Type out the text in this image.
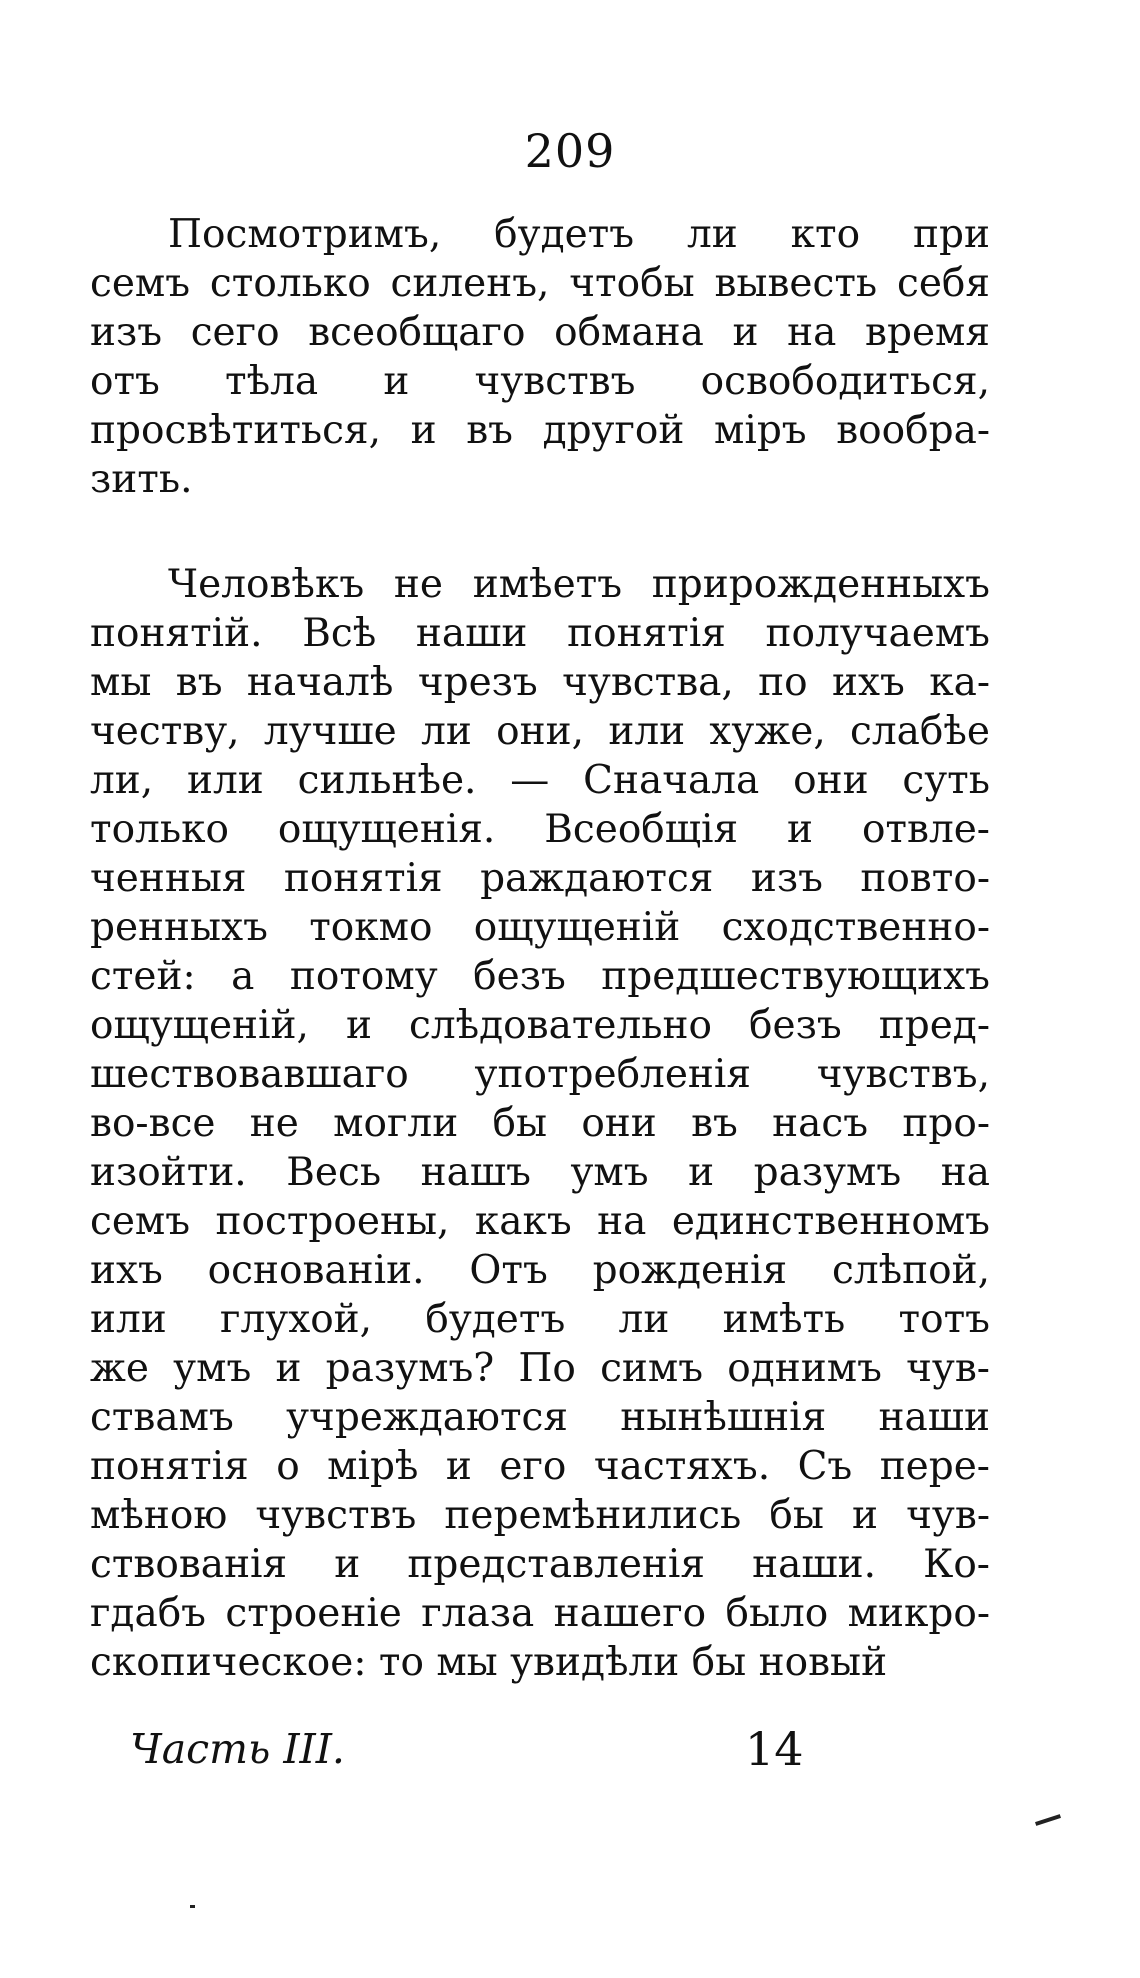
209
  Посмотримъ, будетъ ли кто при
семъ столько силенъ, чтобы вывесть себя
изъ сего всеобщаго обмана и на время
отъ тѣла и чувствъ освободиться,
просвѣтиться, и въ другой міръ вообра-
зить.
  Человѣкъ не имѣетъ прирожденныхъ
понятій. Всѣ наши понятія получаемъ
мы въ началѣ чрезъ чувства, по ихъ ка-
честву, лучше ли они, или хуже, слабѣе
ли, или сильнѣе. — Сначала они суть
только ощущенія. Всеобщія и отвле-
ченныя понятія раждаются изъ повто-
ренныхъ токмо ощущеній сходственно-
стей: а потому безъ предшествующихъ
ощущеній, и слѣдовательно безъ пред-
шествовавшаго употребленія чувствъ,
во-все не могли бы они въ насъ про-
изойти. Весь нашъ умъ и разумъ на
семъ построены, какъ на единственномъ
ихъ основаніи. Отъ рожденія слѣпой,
или глухой, будетъ ли имѣть тотъ
же умъ и разумъ? По симъ однимъ чув-
ствамъ учреждаются нынѣшнія наши
понятія о мірѣ и его частяхъ. Съ пере-
мѣною чувствъ перемѣнились бы и чув-
ствованія и представленія наши. Ко-
гдабъ строеніе глаза нашего было микро-
скопическое: то мы увидѣли бы новый
Часть III.	14
